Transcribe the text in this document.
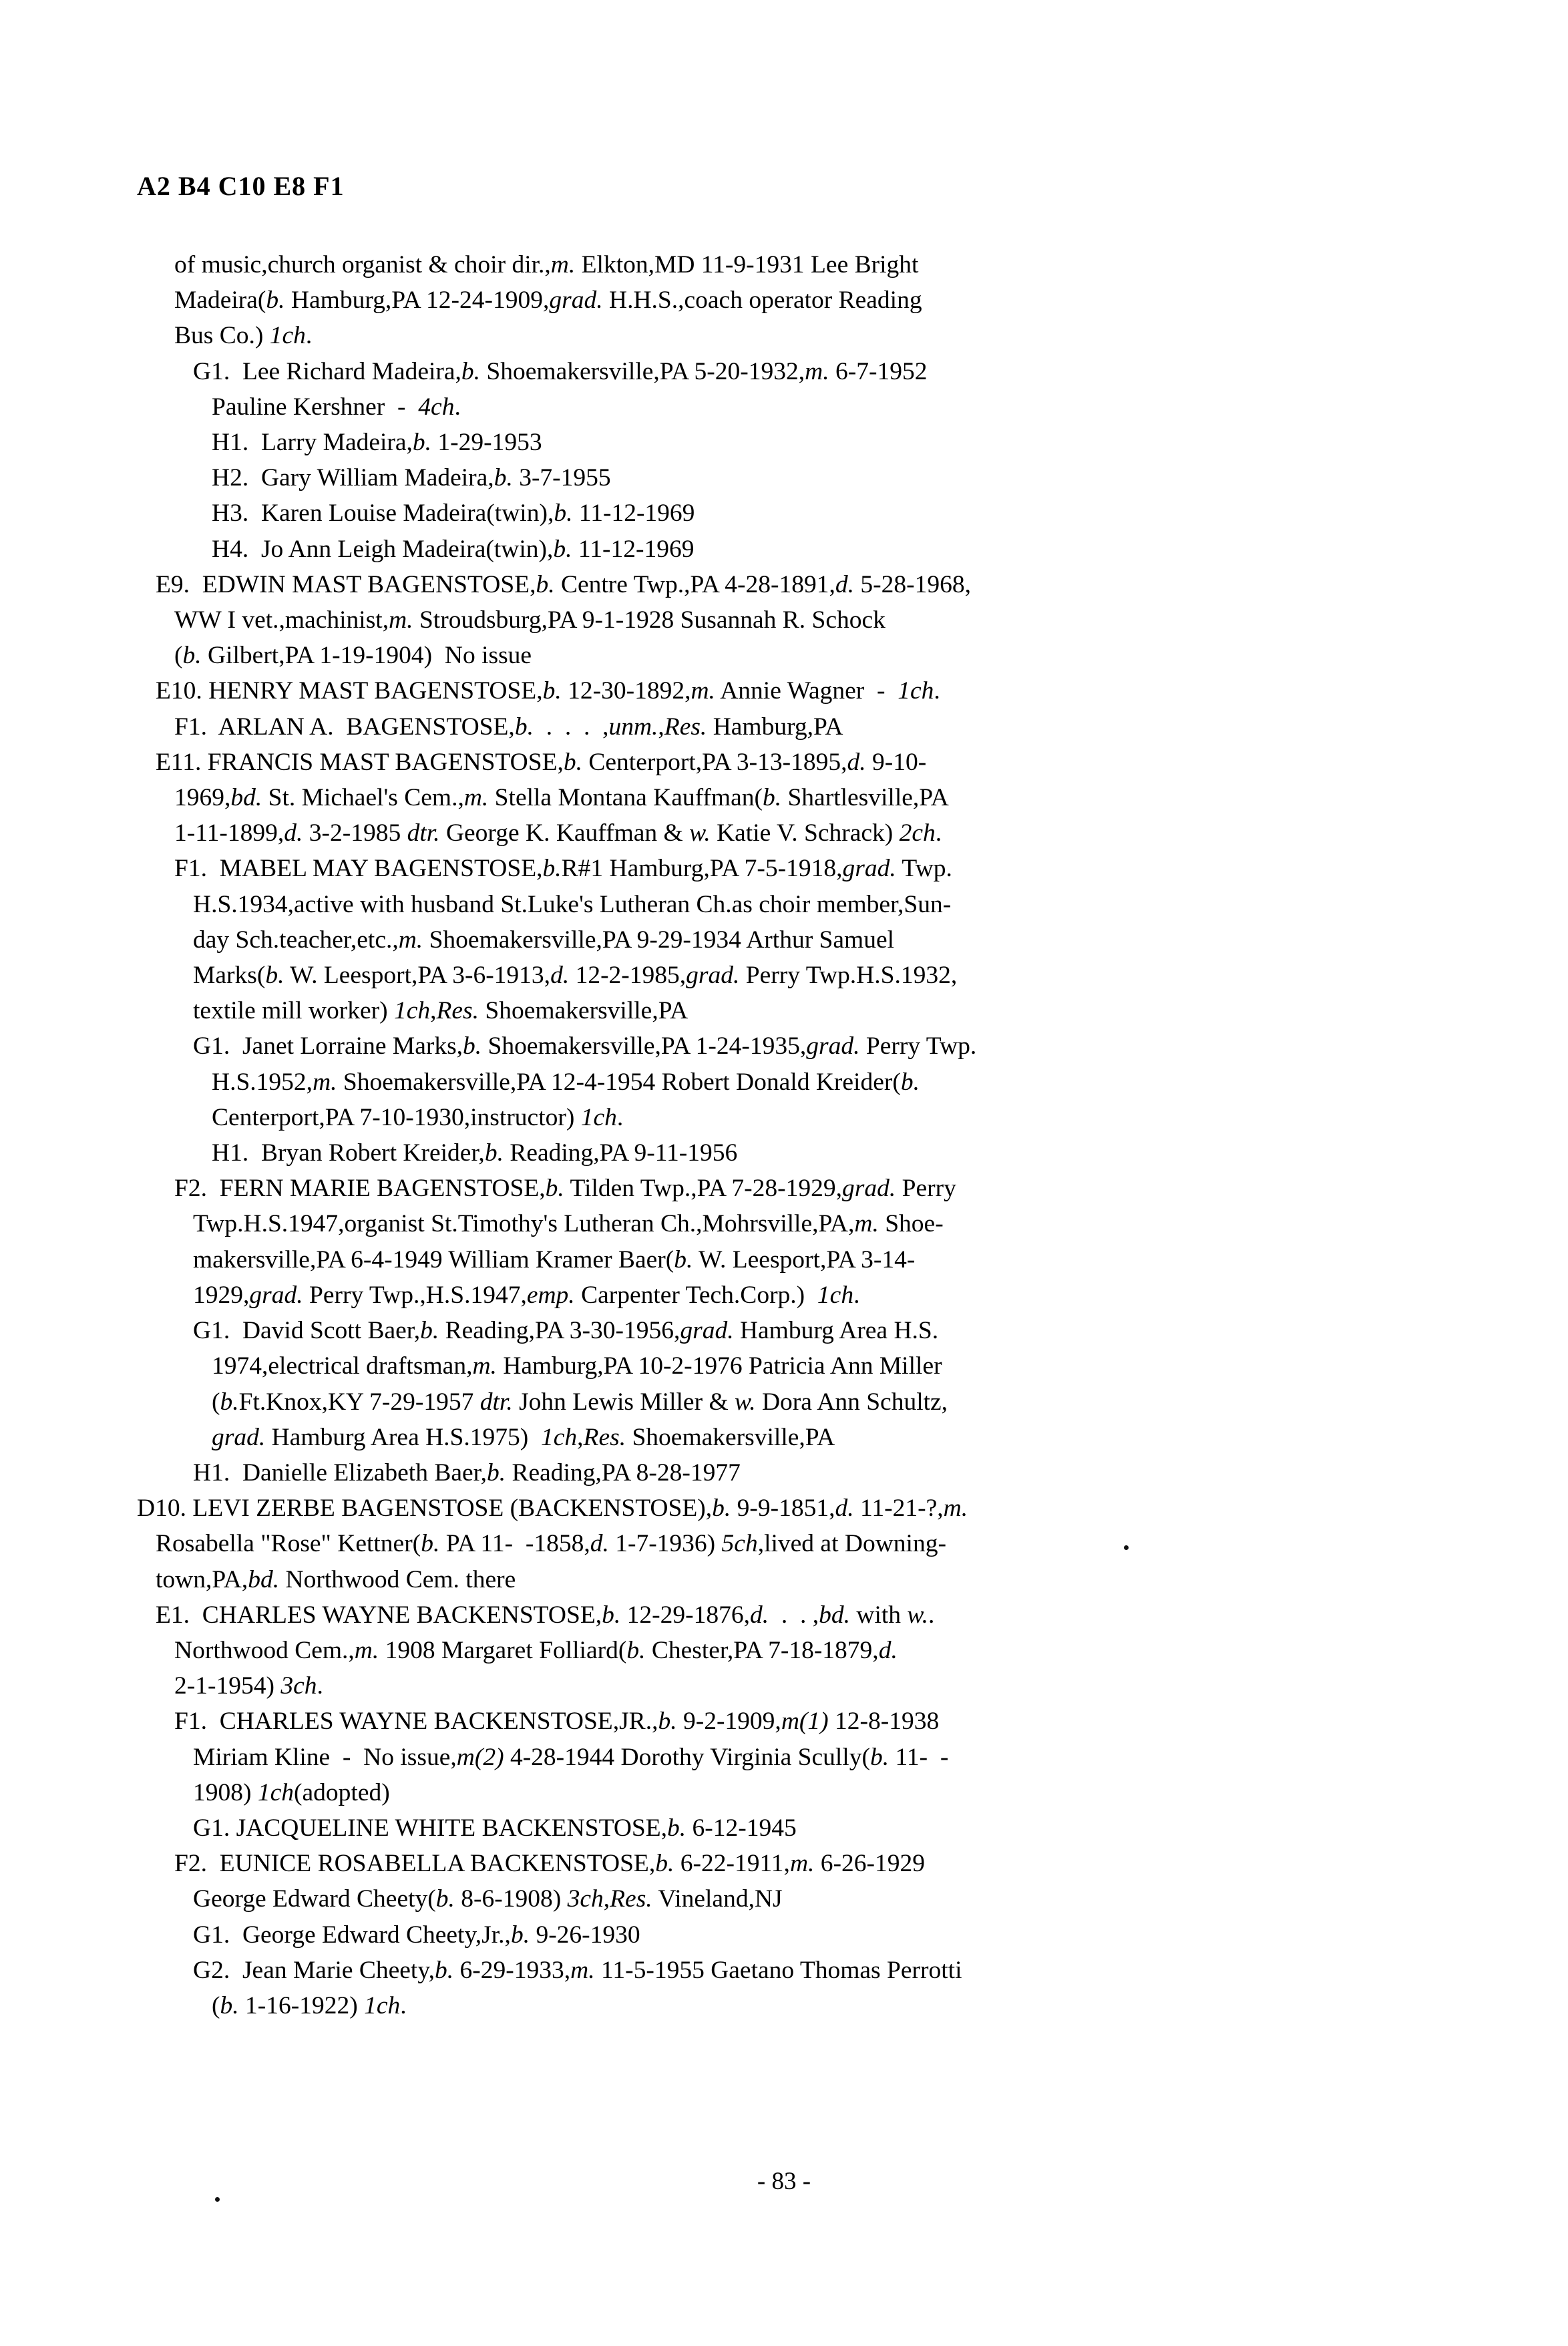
A2 B4 C10 E8 F1
of music,church organist & choir dir.,m. Elkton,MD 11-9-1931 Lee Bright
Madeira(b. Hamburg,PA 12-24-1909,grad. H.H.S.,coach operator Reading
Bus Co.) 1ch.
G1.  Lee Richard Madeira,b. Shoemakersville,PA 5-20-1932,m. 6-7-1952
Pauline Kershner  -  4ch.
H1.  Larry Madeira,b. 1-29-1953
H2.  Gary William Madeira,b. 3-7-1955
H3.  Karen Louise Madeira(twin),b. 11-12-1969
H4.  Jo Ann Leigh Madeira(twin),b. 11-12-1969
E9.  EDWIN MAST BAGENSTOSE,b. Centre Twp.,PA 4-28-1891,d. 5-28-1968,
WW I vet.,machinist,m. Stroudsburg,PA 9-1-1928 Susannah R. Schock
(b. Gilbert,PA 1-19-1904)  No issue
E10. HENRY MAST BAGENSTOSE,b. 12-30-1892,m. Annie Wagner  -  1ch.
F1.  ARLAN A.  BAGENSTOSE,b.  .  .  .  ,unm.,Res. Hamburg,PA
E11. FRANCIS MAST BAGENSTOSE,b. Centerport,PA 3-13-1895,d. 9-10-
1969,bd. St. Michael's Cem.,m. Stella Montana Kauffman(b. Shartlesville,PA
1-11-1899,d. 3-2-1985 dtr. George K. Kauffman & w. Katie V. Schrack) 2ch.
F1.  MABEL MAY BAGENSTOSE,b.R#1 Hamburg,PA 7-5-1918,grad. Twp.
H.S.1934,active with husband St.Luke's Lutheran Ch.as choir member,Sun-
day Sch.teacher,etc.,m. Shoemakersville,PA 9-29-1934 Arthur Samuel
Marks(b. W. Leesport,PA 3-6-1913,d. 12-2-1985,grad. Perry Twp.H.S.1932,
textile mill worker) 1ch,Res. Shoemakersville,PA
G1.  Janet Lorraine Marks,b. Shoemakersville,PA 1-24-1935,grad. Perry Twp.
H.S.1952,m. Shoemakersville,PA 12-4-1954 Robert Donald Kreider(b.
Centerport,PA 7-10-1930,instructor) 1ch.
H1.  Bryan Robert Kreider,b. Reading,PA 9-11-1956
F2.  FERN MARIE BAGENSTOSE,b. Tilden Twp.,PA 7-28-1929,grad. Perry
Twp.H.S.1947,organist St.Timothy's Lutheran Ch.,Mohrsville,PA,m. Shoe-
makersville,PA 6-4-1949 William Kramer Baer(b. W. Leesport,PA 3-14-
1929,grad. Perry Twp.,H.S.1947,emp. Carpenter Tech.Corp.)  1ch.
G1.  David Scott Baer,b. Reading,PA 3-30-1956,grad. Hamburg Area H.S.
1974,electrical draftsman,m. Hamburg,PA 10-2-1976 Patricia Ann Miller
(b.Ft.Knox,KY 7-29-1957 dtr. John Lewis Miller & w. Dora Ann Schultz,
grad. Hamburg Area H.S.1975)  1ch,Res. Shoemakersville,PA
H1.  Danielle Elizabeth Baer,b. Reading,PA 8-28-1977
D10. LEVI ZERBE BAGENSTOSE (BACKENSTOSE),b. 9-9-1851,d. 11-21-?,m.
Rosabella "Rose" Kettner(b. PA 11-  -1858,d. 1-7-1936) 5ch,lived at Downing-
town,PA,bd. Northwood Cem. there
E1.  CHARLES WAYNE BACKENSTOSE,b. 12-29-1876,d.  .  . ,bd. with w..
Northwood Cem.,m. 1908 Margaret Folliard(b. Chester,PA 7-18-1879,d.
2-1-1954) 3ch.
F1.  CHARLES WAYNE BACKENSTOSE,JR.,b. 9-2-1909,m(1) 12-8-1938
Miriam Kline  -  No issue,m(2) 4-28-1944 Dorothy Virginia Scully(b. 11-  -
1908) 1ch(adopted)
G1. JACQUELINE WHITE BACKENSTOSE,b. 6-12-1945
F2.  EUNICE ROSABELLA BACKENSTOSE,b. 6-22-1911,m. 6-26-1929
George Edward Cheety(b. 8-6-1908) 3ch,Res. Vineland,NJ
G1.  George Edward Cheety,Jr.,b. 9-26-1930
G2.  Jean Marie Cheety,b. 6-29-1933,m. 11-5-1955 Gaetano Thomas Perrotti
(b. 1-16-1922) 1ch.
- 83 -
